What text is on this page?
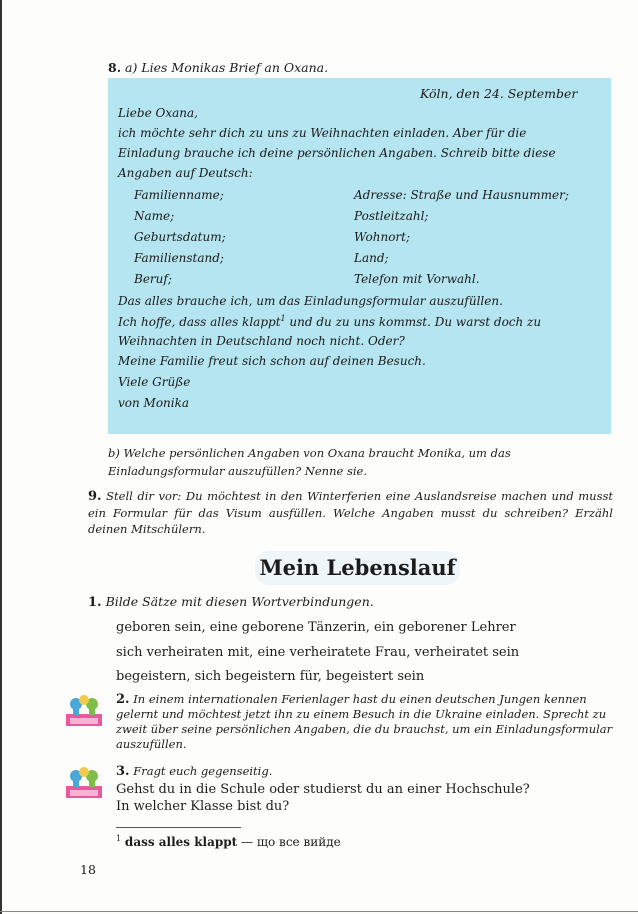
8. a) Lies Monikas Brief an Oxana.
Köln, den 24. September
Liebe Oxana,
ich möchte sehr dich zu uns zu Weihnachten einladen. Aber für die
Einladung brauche ich deine persönlichen Angaben. Schreib bitte diese
Angaben auf Deutsch:
Familienname;
Name;
Geburtsdatum;
Familienstand;
Beruf;
Adresse: Straße und Hausnummer;
Postleitzahl;
Wohnort;
Land;
Telefon mit Vorwahl.
Das alles brauche ich, um das Einladungsformular auszufüllen.
Ich hoffe, dass alles klappt$^1$ und du zu uns kommst. Du warst doch zu
Weihnachten in Deutschland noch nicht. Oder?
Meine Familie freut sich schon auf deinen Besuch.
Viele Grüße
von Monika
b) Welche persönlichen Angaben von Oxana braucht Monika, um das Einladungsformular auszufüllen? Nenne sie.
9. Stell dir vor: Du möchtest in den Winterferien eine Auslandsreise machen und musst ein Formular für das Visum ausfüllen. Welche Angaben musst du schreiben? Erzähl deinen Mitschülern.
Mein Lebenslauf
1. Bilde Sätze mit diesen Wortverbindungen.
geboren sein, eine geborene Tänzerin, ein geborener Lehrer
sich verheiraten mit, eine verheiratete Frau, verheiratet sein
begeistern, sich begeistern für, begeistert sein
2. In einem internationalen Ferienlager hast du einen deutschen Jungen kennen gelernt und möchtest jetzt ihn zu einem Besuch in die Ukraine einladen. Sprecht zu zweit über seine persönlichen Angaben, die du brauchst, um ein Einladungsformular auszufüllen.
3. Fragt euch gegenseitig.
Gehst du in die Schule oder studierst du an einer Hochschule?
In welcher Klasse bist du?
$^1$ dass alles klappt — що все вийде
18
